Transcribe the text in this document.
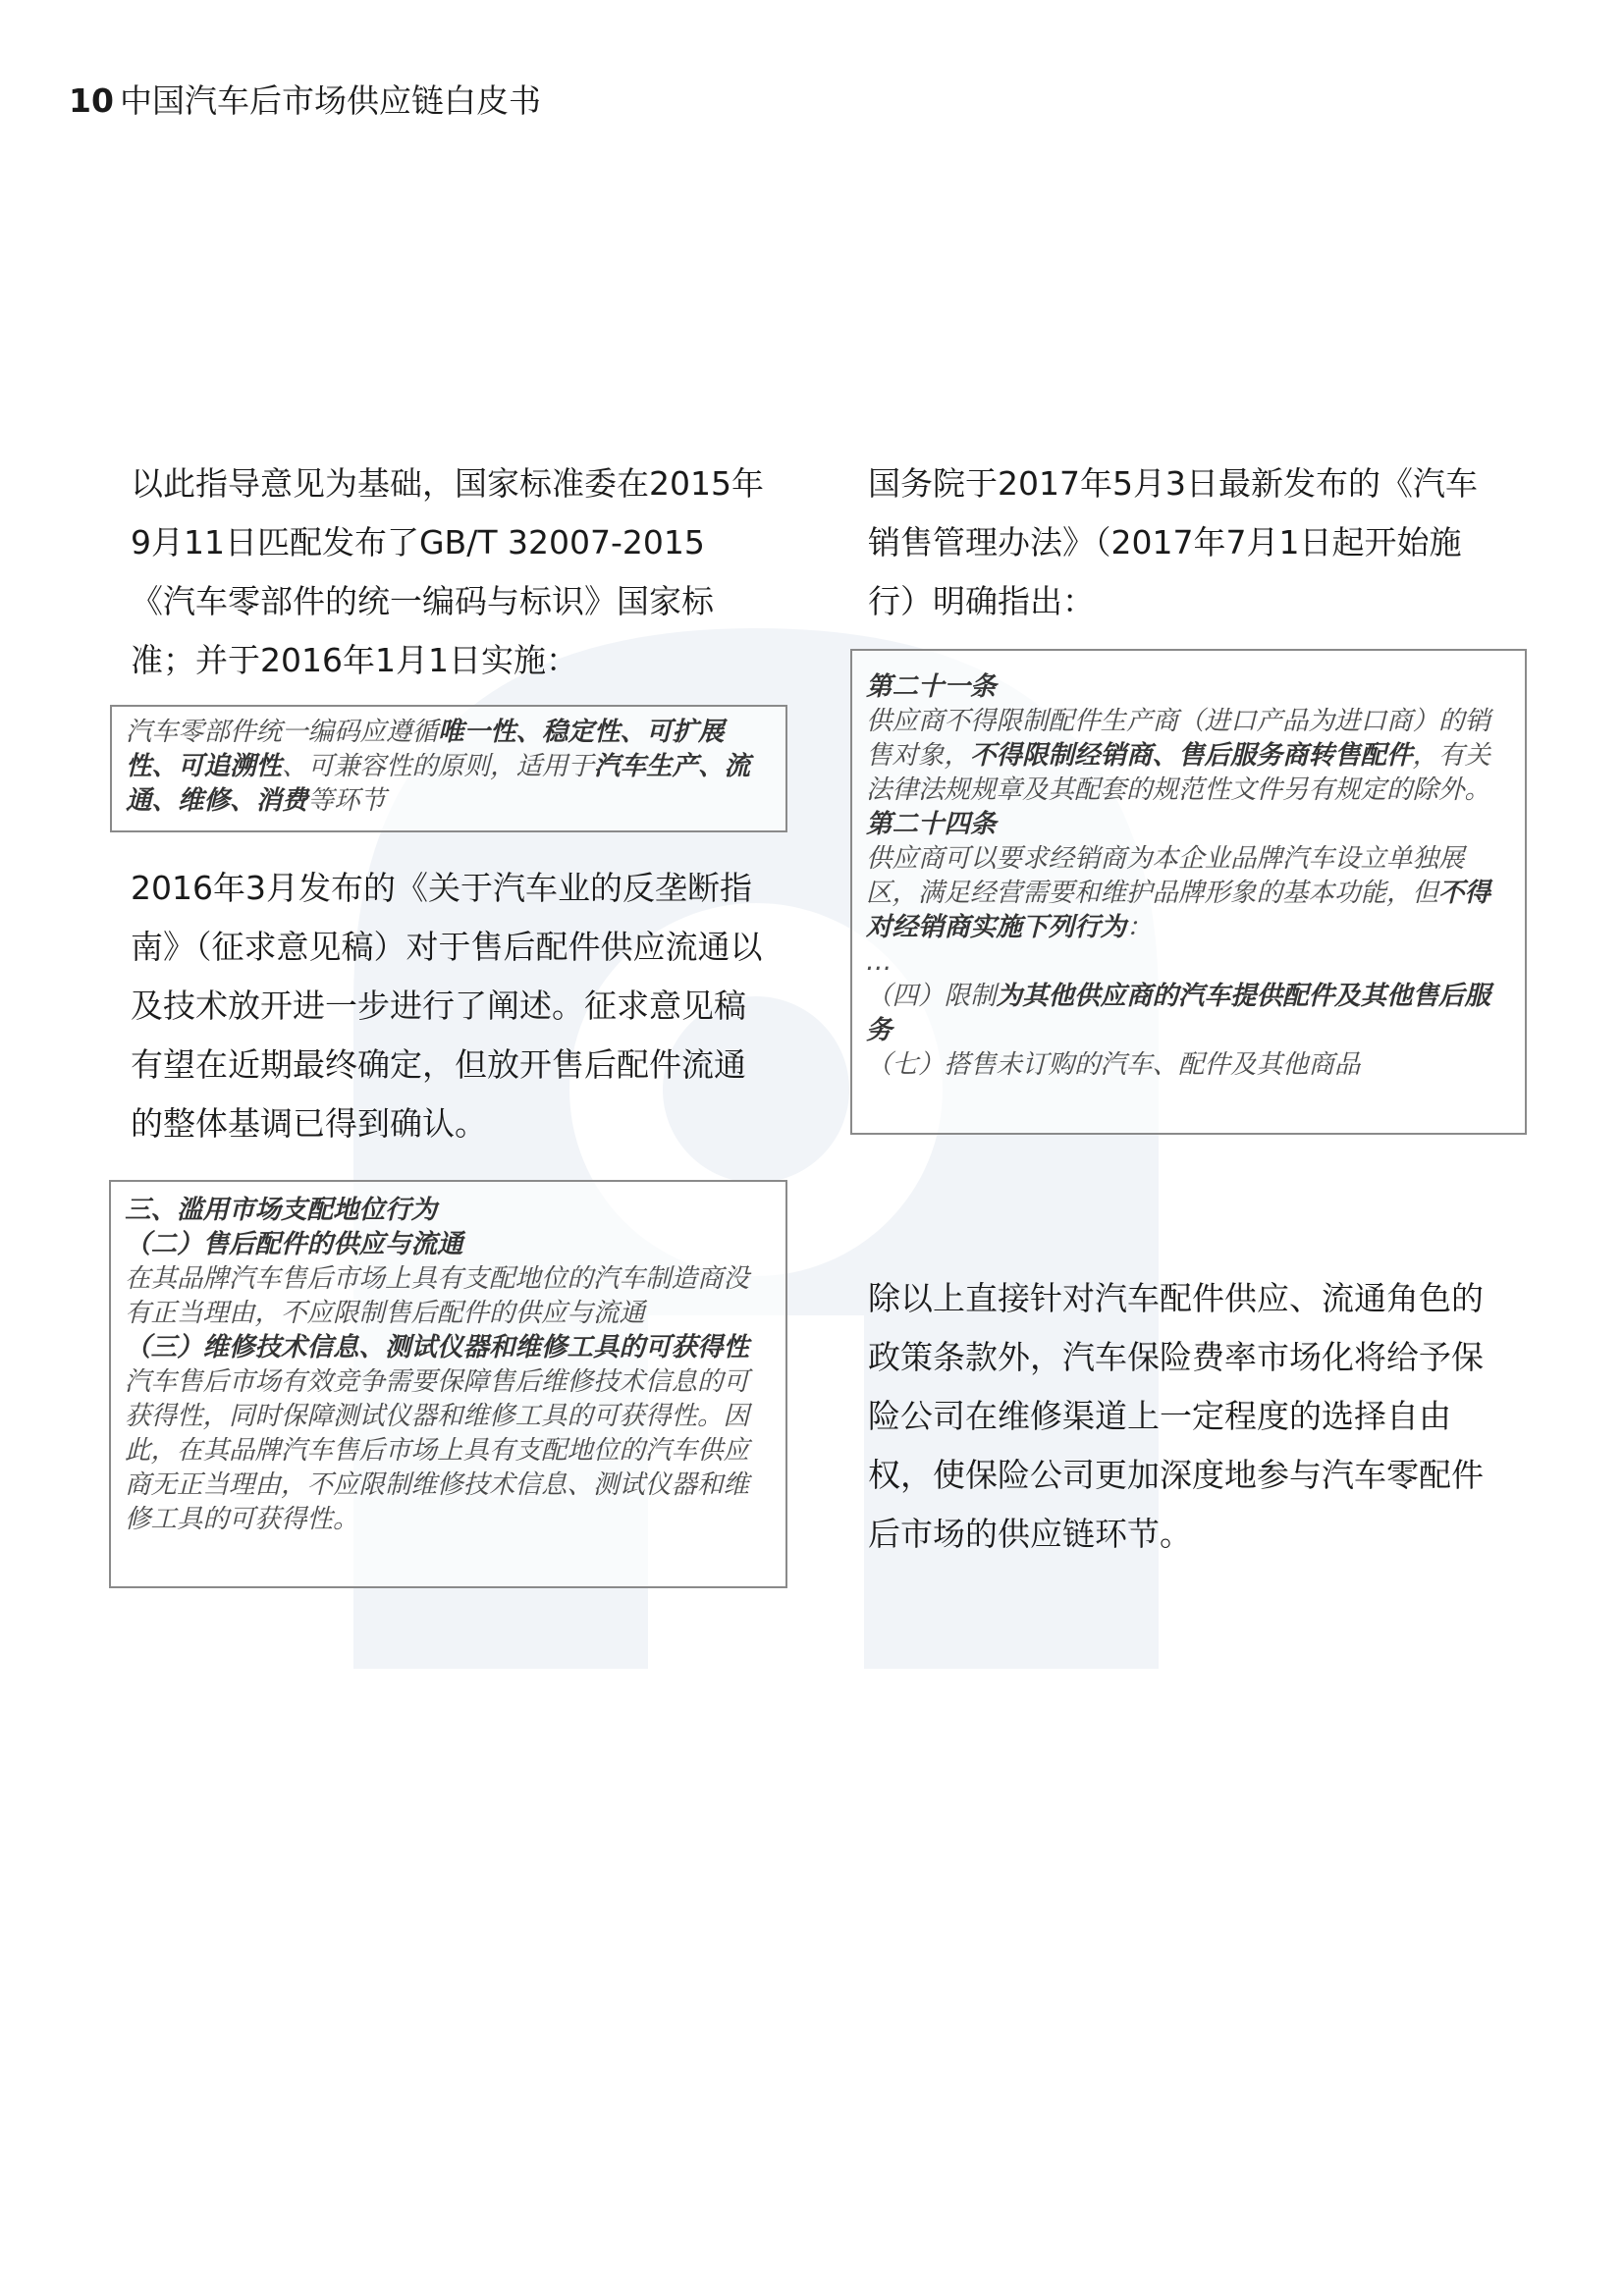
10 中国汽车后市场供应链白皮书
以此指导意见为基础，国家标准委在2015年9月11日匹配发布了GB/T 32007-2015《汽车零部件的统一编码与标识》国家标准；并于2016年1月1日实施：
汽车零部件统一编码应遵循唯一性、稳定性、可扩展性、可追溯性、可兼容性的原则，适用于汽车生产、流通、维修、消费等环节
2016年3月发布的《关于汽车业的反垄断指南》（征求意见稿）对于售后配件供应流通以及技术放开进一步进行了阐述。征求意见稿有望在近期最终确定，但放开售后配件流通的整体基调已得到确认。
三、滥用市场支配地位行为
（二）售后配件的供应与流通
在其品牌汽车售后市场上具有支配地位的汽车制造商没有正当理由，不应限制售后配件的供应与流通
（三）维修技术信息、测试仪器和维修工具的可获得性
汽车售后市场有效竞争需要保障售后维修技术信息的可获得性，同时保障测试仪器和维修工具的可获得性。因此，在其品牌汽车售后市场上具有支配地位的汽车供应商无正当理由，不应限制维修技术信息、测试仪器和维修工具的可获得性。
国务院于2017年5月3日最新发布的《汽车销售管理办法》（2017年7月1日起开始施行）明确指出：
第二十一条
供应商不得限制配件生产商（进口产品为进口商）的销售对象，不得限制经销商、售后服务商转售配件，有关法律法规规章及其配套的规范性文件另有规定的除外。
第二十四条
供应商可以要求经销商为本企业品牌汽车设立单独展区，满足经营需要和维护品牌形象的基本功能，但不得对经销商实施下列行为：
…
（四）限制为其他供应商的汽车提供配件及其他售后服务
（七）搭售未订购的汽车、配件及其他商品
除以上直接针对汽车配件供应、流通角色的政策条款外，汽车保险费率市场化将给予保险公司在维修渠道上一定程度的选择自由权，使保险公司更加深度地参与汽车零配件后市场的供应链环节。
